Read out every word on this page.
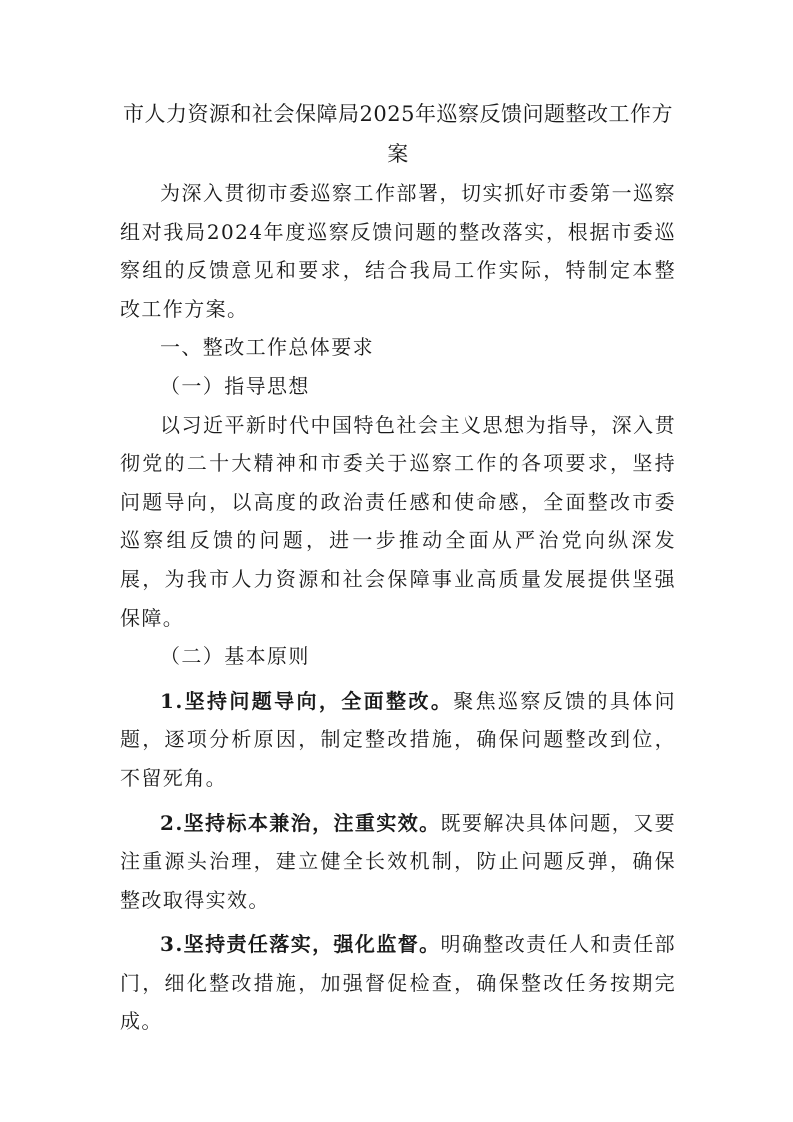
市人力资源和社会保障局2025年巡察反馈问题整改工作方案

为深入贯彻市委巡察工作部署，切实抓好市委第一巡察组对我局2024年度巡察反馈问题的整改落实，根据市委巡察组的反馈意见和要求，结合我局工作实际，特制定本整改工作方案。

一、整改工作总体要求

（一）指导思想

以习近平新时代中国特色社会主义思想为指导，深入贯彻党的二十大精神和市委关于巡察工作的各项要求，坚持问题导向，以高度的政治责任感和使命感，全面整改市委巡察组反馈的问题，进一步推动全面从严治党向纵深发展，为我市人力资源和社会保障事业高质量发展提供坚强保障。

（二）基本原则

1.坚持问题导向，全面整改。聚焦巡察反馈的具体问题，逐项分析原因，制定整改措施，确保问题整改到位，不留死角。

2.坚持标本兼治，注重实效。既要解决具体问题，又要注重源头治理，建立健全长效机制，防止问题反弹，确保整改取得实效。

3.坚持责任落实，强化监督。明确整改责任人和责任部门，细化整改措施，加强督促检查，确保整改任务按期完成。
